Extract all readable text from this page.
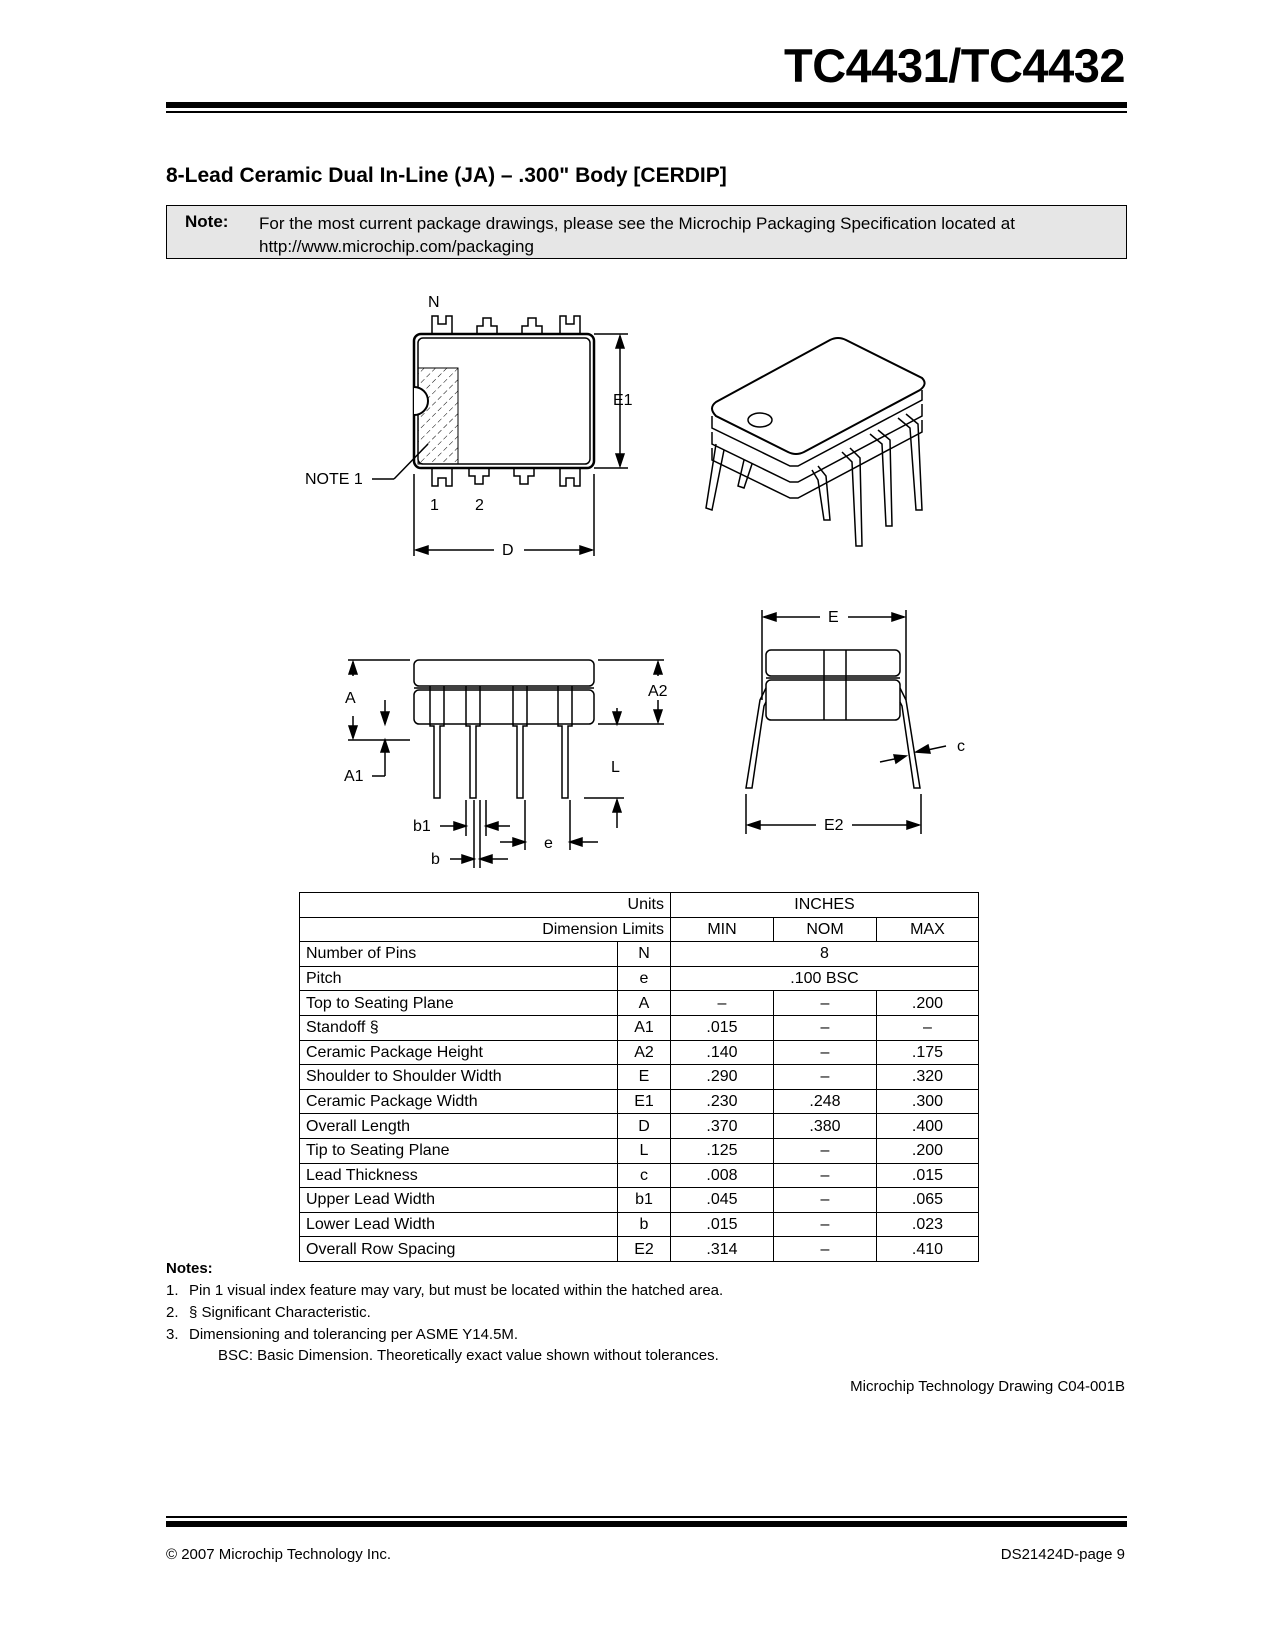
TC4431/TC4432
8-Lead Ceramic Dual In-Line (JA) – .300" Body [CERDIP]
Note: For the most current package drawings, please see the Microchip Packaging Specification located at
http://www.microchip.com/packaging
N
E1
NOTE 1
1 2
D
A	A2
A1
L
b1
b
e
E
E2
c
Units		INCHES		
Dimension Limits		MIN	NOM	MAX
Number of Pins	N	8		
Pitch	e	.100 BSC		
Top to Seating Plane	A	–	–	.200
Standoff §	A1	.015	–	–
Ceramic Package Height	A2	.140	–	.175
Shoulder to Shoulder Width	E	.290	–	.320
Ceramic Package Width	E1	.230	.248	.300
Overall Length	D	.370	.380	.400
Tip to Seating Plane	L	.125	–	.200
Lead Thickness	c	.008	–	.015
Upper Lead Width	b1	.045	–	.065
Lower Lead Width	b	.015	–	.023
Overall Row Spacing	E2	.314	–	.410
Notes:
1. Pin 1 visual index feature may vary, but must be located within the hatched area.
2. § Significant Characteristic.
3. Dimensioning and tolerancing per ASME Y14.5M.
BSC: Basic Dimension. Theoretically exact value shown without tolerances.
Microchip Technology Drawing C04-001B
© 2007 Microchip Technology Inc.	DS21424D-page 9
